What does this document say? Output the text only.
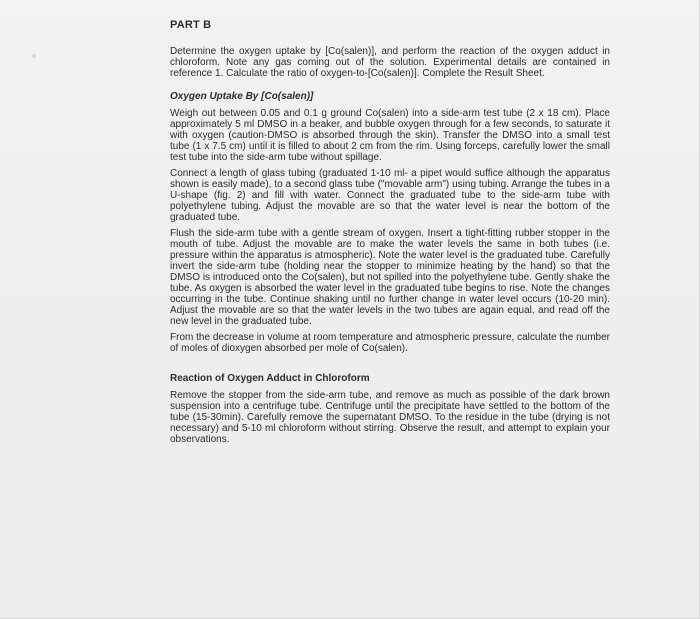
PART B
Determine the oxygen uptake by [Co(salen)], and perform the reaction of the oxygen adduct in chloroform. Note any gas coming out of the solution. Experimental details are contained in reference 1. Calculate the ratio of oxygen-to-[Co(salen)]. Complete the Result Sheet.
Oxygen Uptake By [Co(salen)]
Weigh out between 0.05 and 0.1 g ground Co(salen) into a side-arm test tube (2 x 18 cm). Place approximately 5 ml DMSO in a beaker, and bubble oxygen through for a few seconds, to saturate it with oxygen (caution-DMSO is absorbed through the skin). Transfer the DMSO into a small test tube (1 x 7.5 cm) until it is filled to about 2 cm from the rim. Using forceps, carefully lower the small test tube into the side-arm tube without spillage.
Connect a length of glass tubing (graduated 1-10 ml- a pipet would suffice although the apparatus shown is easily made), to a second glass tube ("movable arm") using tubing. Arrange the tubes in a U-shape (fig. 2) and fill with water. Connect the graduated tube to the side-arm tube with polyethylene tubing. Adjust the movable are so that the water level is near the bottom of the graduated tube.
Flush the side-arm tube with a gentle stream of oxygen. Insert a tight-fitting rubber stopper in the mouth of tube. Adjust the movable are to make the water levels the same in both tubes (i.e. pressure within the apparatus is atmospheric). Note the water level is the graduated tube. Carefully invert the side-arm tube (holding near the stopper to minimize heating by the hand) so that the DMSO is introduced onto the Co(salen), but not spilled into the polyethylene tube. Gently shake the tube. As oxygen is absorbed the water level in the graduated tube begins to rise. Note the changes occurring in the tube. Continue shaking until no further change in water level occurs (10-20 min). Adjust the movable are so that the water levels in the two tubes are again equal, and read off the new level in the graduated tube.
From the decrease in volume at room temperature and atmospheric pressure, calculate the number of moles of dioxygen absorbed per mole of Co(salen).
Reaction of Oxygen Adduct in Chloroform
Remove the stopper from the side-arm tube, and remove as much as possible of the dark brown suspension into a centrifuge tube. Centrifuge until the precipitate have settled to the bottom of the tube (15-30min). Carefully remove the supernatant DMSO. To the residue in the tube (drying is not necessary) and 5-10 ml chloroform without stirring. Observe the result, and attempt to explain your observations.
